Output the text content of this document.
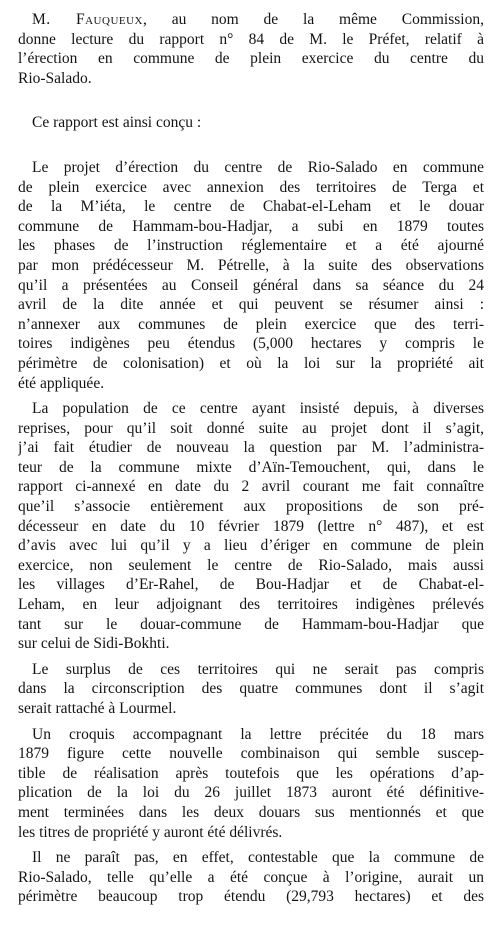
M. Fauqueux, au nom de la même Commission,
donne lecture du rapport n° 84 de M. le Préfet, relatif à
l’érection en commune de plein exercice du centre du
Rio-Salado.
Ce rapport est ainsi conçu :
Le projet d’érection du centre de Rio-Salado en commune
de plein exercice avec annexion des territoires de Terga et
de la M’iéta, le centre de Chabat-el-Leham et le douar
commune de Hammam-bou-Hadjar, a subi en 1879 toutes
les phases de l’instruction réglementaire et a été ajourné
par mon prédécesseur M. Pétrelle, à la suite des observations
qu’il a présentées au Conseil général dans sa séance du 24
avril de la dite année et qui peuvent se résumer ainsi :
n’annexer aux communes de plein exercice que des terri-
toires indigènes peu étendus (5,000 hectares y compris le
périmètre de colonisation) et où la loi sur la propriété ait
été appliquée.
La population de ce centre ayant insisté depuis, à diverses
reprises, pour qu’il soit donné suite au projet dont il s’agit,
j’ai fait étudier de nouveau la question par M. l’administra-
teur de la commune mixte d’Aïn-Temouchent, qui, dans le
rapport ci-annexé en date du 2 avril courant me fait connaître
que’il s’associe entièrement aux propositions de son pré-
décesseur en date du 10 février 1879 (lettre n° 487), et est
d’avis avec lui qu’il y a lieu d’ériger en commune de plein
exercice, non seulement le centre de Rio-Salado, mais aussi
les villages d’Er-Rahel, de Bou-Hadjar et de Chabat-el-
Leham, en leur adjoignant des territoires indigènes prélevés
tant sur le douar-commune de Hammam-bou-Hadjar que
sur celui de Sidi-Bokhti.
Le surplus de ces territoires qui ne serait pas compris
dans la circonscription des quatre communes dont il s’agit
serait rattaché à Lourmel.
Un croquis accompagnant la lettre précitée du 18 mars
1879 figure cette nouvelle combinaison qui semble suscep-
tible de réalisation après toutefois que les opérations d’ap-
plication de la loi du 26 juillet 1873 auront été définitive-
ment terminées dans les deux douars sus mentionnés et que
les titres de propriété y auront été délivrés.
Il ne paraît pas, en effet, contestable que la commune de
Rio-Salado, telle qu’elle a été conçue à l’origine, aurait un
périmètre beaucoup trop étendu (29,793 hectares) et des
